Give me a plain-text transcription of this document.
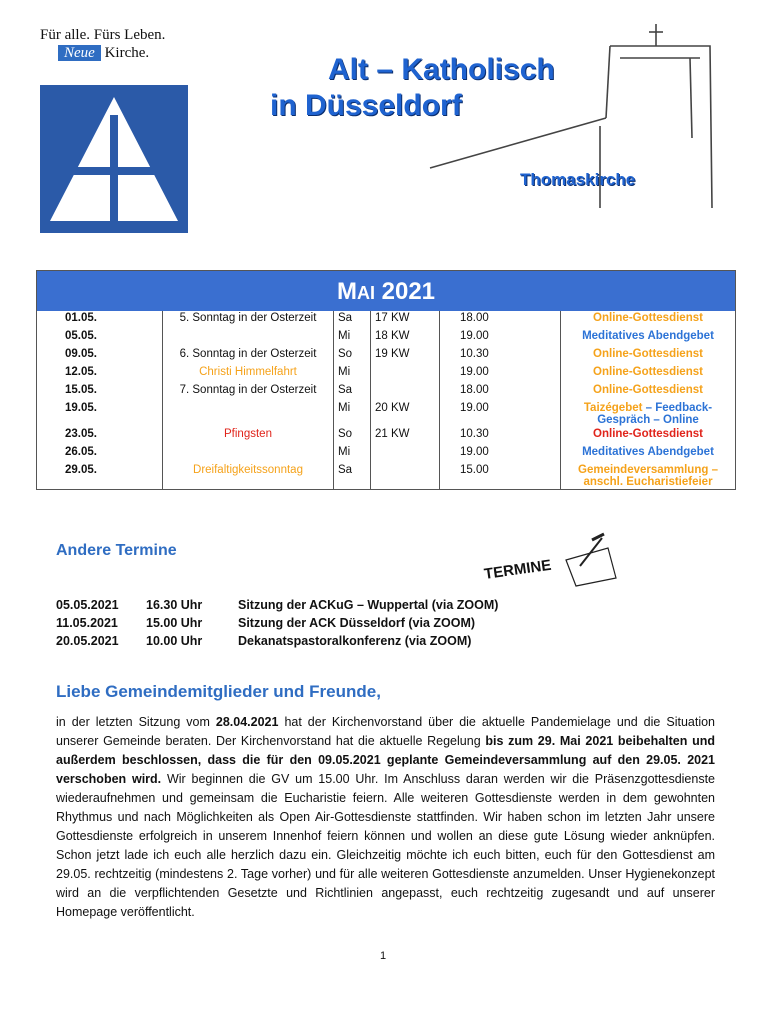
Für alle. Fürs Leben.
Neue Kirche.	Alt – Katholisch
in Düsseldorf
Thomaskirche
MAI 2021
01.05.	5. Sonntag in der Osterzeit	Sa	17 KW	18.00	Online-Gottesdienst
05.05.		Mi	18 KW	19.00	Meditatives Abendgebet
09.05.	6. Sonntag in der Osterzeit	So	19 KW	10.30	Online-Gottesdienst
12.05.	Christi Himmelfahrt	Mi		19.00	Online-Gottesdienst
15.05.	7. Sonntag in der Osterzeit	Sa		18.00	Online-Gottesdienst
19.05.		Mi	20 KW	19.00	Taizégebet – Feedback-Gespräch – Online
23.05.	Pfingsten	So	21 KW	10.30	Online-Gottesdienst
26.05.		Mi		19.00	Meditatives Abendgebet
29.05.	Dreifaltigkeitssonntag	Sa		15.00	Gemeindeversammlung – anschl. Eucharistiefeier
Andere Termine
TERMINE
05.05.2021 16.30 Uhr	Sitzung der ACKuG – Wuppertal (via ZOOM)
11.05.2021 15.00 Uhr	Sitzung der ACK Düsseldorf (via ZOOM)
20.05.2021 10.00 Uhr	Dekanatspastoralkonferenz (via ZOOM)
Liebe Gemeindemitglieder und Freunde,
in der letzten Sitzung vom 28.04.2021 hat der Kirchenvorstand über die aktuelle Pandemielage und die Situation unserer Gemeinde beraten. Der Kirchenvorstand hat die aktuelle Regelung bis zum 29. Mai 2021 beibehalten und außerdem beschlossen, dass die für den 09.05.2021 geplante Gemeindeversammlung auf den 29.05. 2021 verschoben wird. Wir beginnen die GV um 15.00 Uhr. Im Anschluss daran werden wir die Präsenzgottesdienste wiederaufnehmen und gemeinsam die Eucharistie feiern. Alle weiteren Gottesdienste werden in dem gewohnten Rhythmus und nach Möglichkeiten als Open Air-Gottesdienste stattfinden. Wir haben schon im letzten Jahr unsere Gottesdienste erfolgreich in unserem Innenhof feiern können und wollen an diese gute Lösung wieder anknüpfen. Schon jetzt lade ich euch alle herzlich dazu ein. Gleichzeitig möchte ich euch bitten, euch für den Gottesdienst am 29.05. rechtzeitig (mindestens 2. Tage vorher) und für alle weiteren Gottesdienste anzumelden. Unser Hygienekonzept wird an die verpflichtenden Gesetzte und Richtlinien angepasst, euch rechtzeitig zugesandt und auf unserer Homepage veröffentlicht.
1
